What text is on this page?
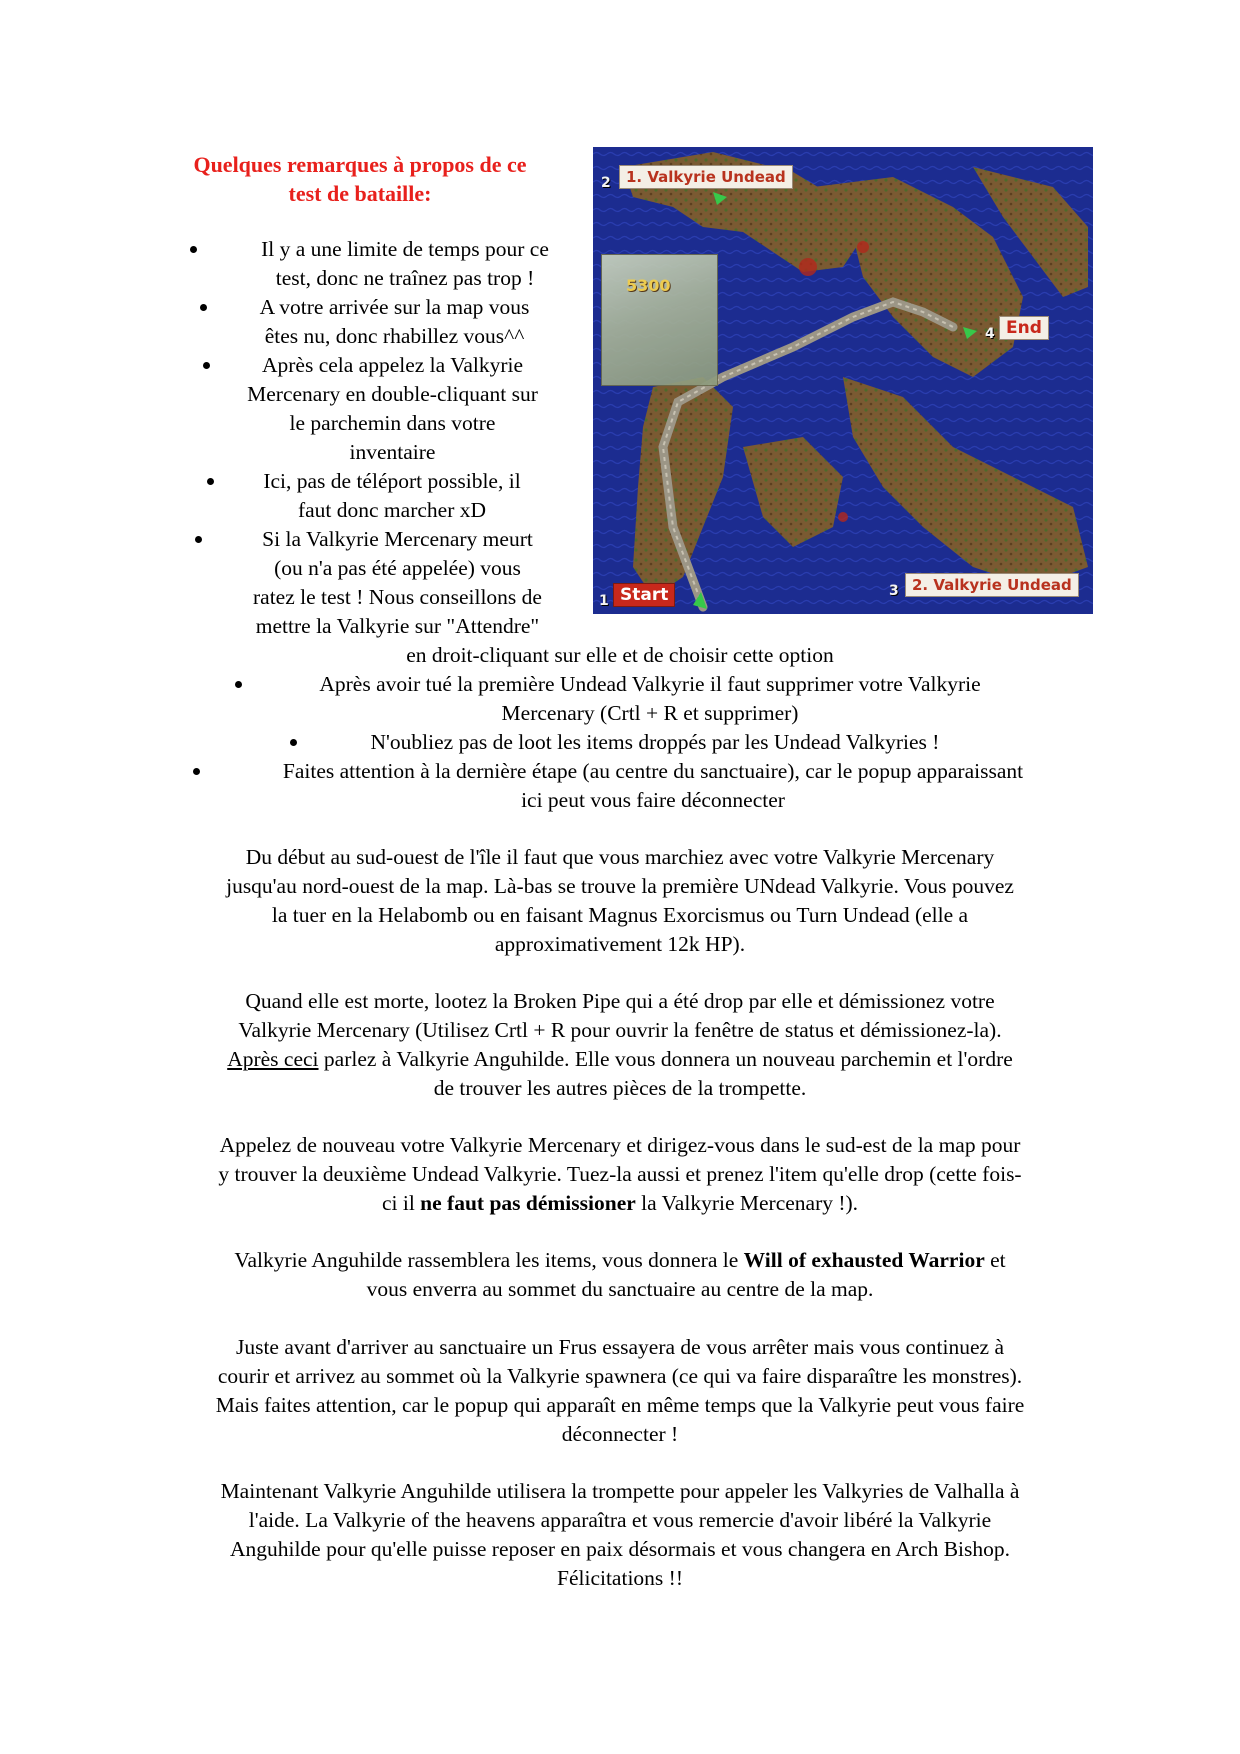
Quelques remarques à propos de ce
test de bataille:
Il y a une limite de temps pour ce
test, donc ne traînez pas trop !
A votre arrivée sur la map vous
êtes nu, donc rhabillez vous^^
Après cela appelez la Valkyrie
Mercenary en double-cliquant sur
le parchemin dans votre
inventaire
Ici, pas de téléport possible, il
faut donc marcher xD
Si la Valkyrie Mercenary meurt
(ou n'a pas été appelée) vous
ratez le test ! Nous conseillons de
mettre la Valkyrie sur "Attendre"
5300
2	1. Valkyrie Undead
4 End
3 2. Valkyrie Undead
1 Start
en droit-cliquant sur elle et de choisir cette option
Après avoir tué la première Undead Valkyrie il faut supprimer votre Valkyrie
Mercenary (Crtl + R et supprimer)
N'oubliez pas de loot les items droppés par les Undead Valkyries !
Faites attention à la dernière étape (au centre du sanctuaire), car le popup apparaissant
ici peut vous faire déconnecter
Du début au sud-ouest de l'île il faut que vous marchiez avec votre Valkyrie Mercenary
jusqu'au nord-ouest de la map. Là-bas se trouve la première UNdead Valkyrie. Vous pouvez
la tuer en la Helabomb ou en faisant Magnus Exorcismus ou Turn Undead (elle a
approximativement 12k HP).
Quand elle est morte, lootez la Broken Pipe qui a été drop par elle et démissionez votre
Valkyrie Mercenary (Utilisez Crtl + R pour ouvrir la fenêtre de status et démissionez-la).
Après ceci parlez à Valkyrie Anguhilde. Elle vous donnera un nouveau parchemin et l'ordre
de trouver les autres pièces de la trompette.
Appelez de nouveau votre Valkyrie Mercenary et dirigez-vous dans le sud-est de la map pour
y trouver la deuxième Undead Valkyrie. Tuez-la aussi et prenez l'item qu'elle drop (cette fois-
ci il ne faut pas démissioner la Valkyrie Mercenary !).
Valkyrie Anguhilde rassemblera les items, vous donnera le Will of exhausted Warrior et
vous enverra au sommet du sanctuaire au centre de la map.
Juste avant d'arriver au sanctuaire un Frus essayera de vous arrêter mais vous continuez à
courir et arrivez au sommet où la Valkyrie spawnera (ce qui va faire disparaître les monstres).
Mais faites attention, car le popup qui apparaît en même temps que la Valkyrie peut vous faire
déconnecter !
Maintenant Valkyrie Anguhilde utilisera la trompette pour appeler les Valkyries de Valhalla à
l'aide. La Valkyrie of the heavens apparaîtra et vous remercie d'avoir libéré la Valkyrie
Anguhilde pour qu'elle puisse reposer en paix désormais et vous changera en Arch Bishop.
Félicitations !!
